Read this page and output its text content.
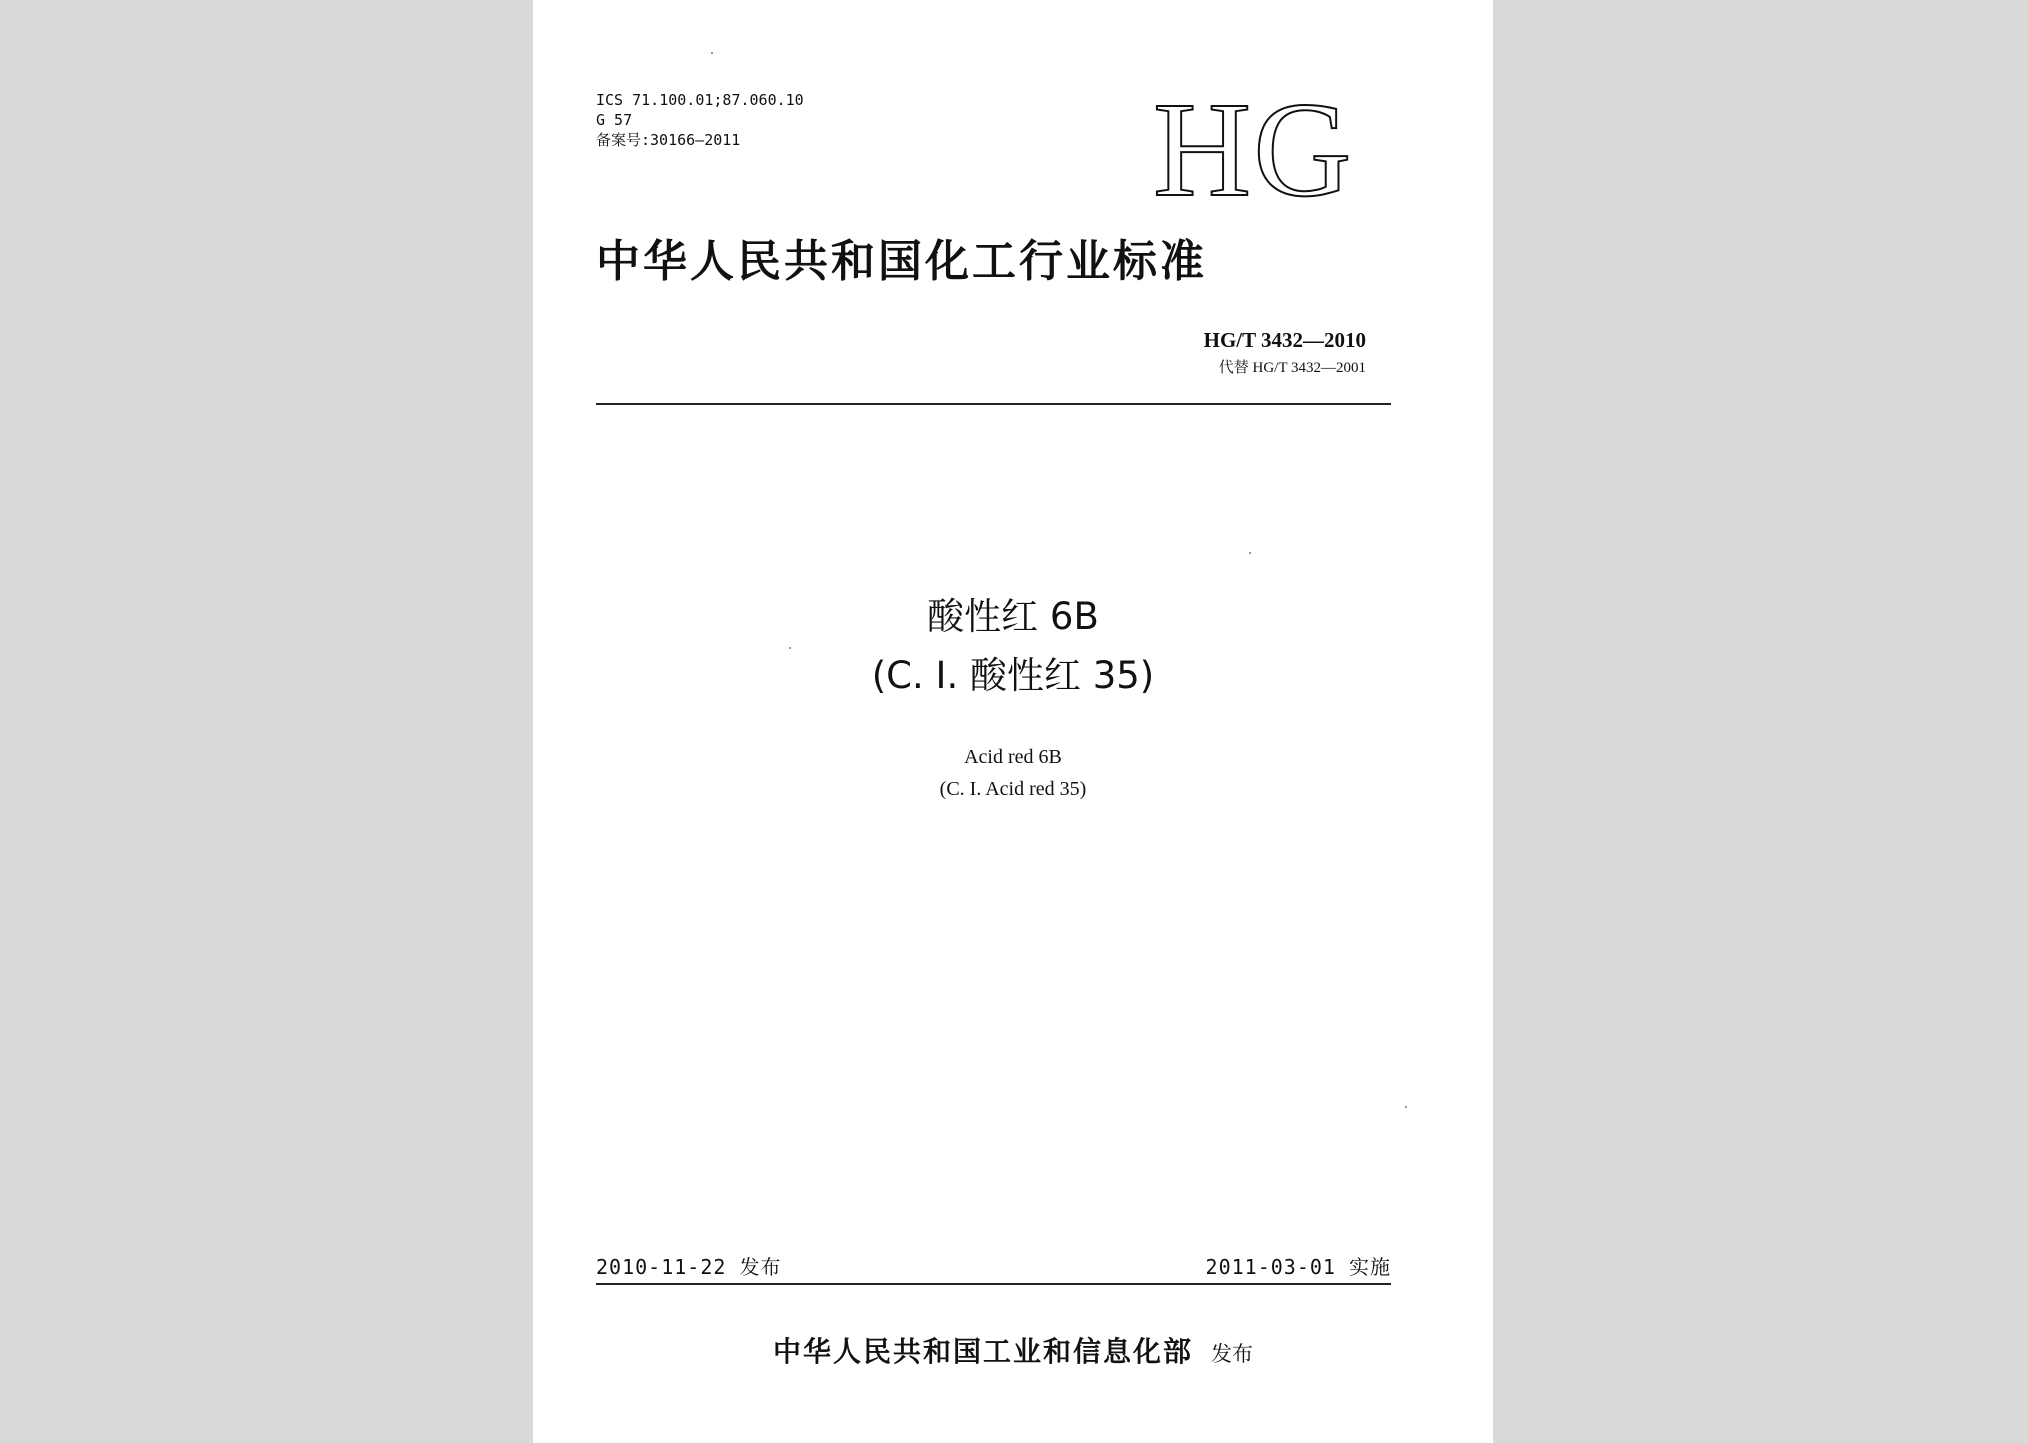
ICS 71.100.01;87.060.10
G 57
备案号:30166—2011	HG
中华人民共和国化工行业标准
HG/T 3432—2010
代替 HG/T 3432—2001
酸性红 6B
(C. I. 酸性红 35)
Acid red 6B
(C. I. Acid red 35)
2010-11-22 发布	2011-03-01 实施
中华人民共和国工业和信息化部 发布
